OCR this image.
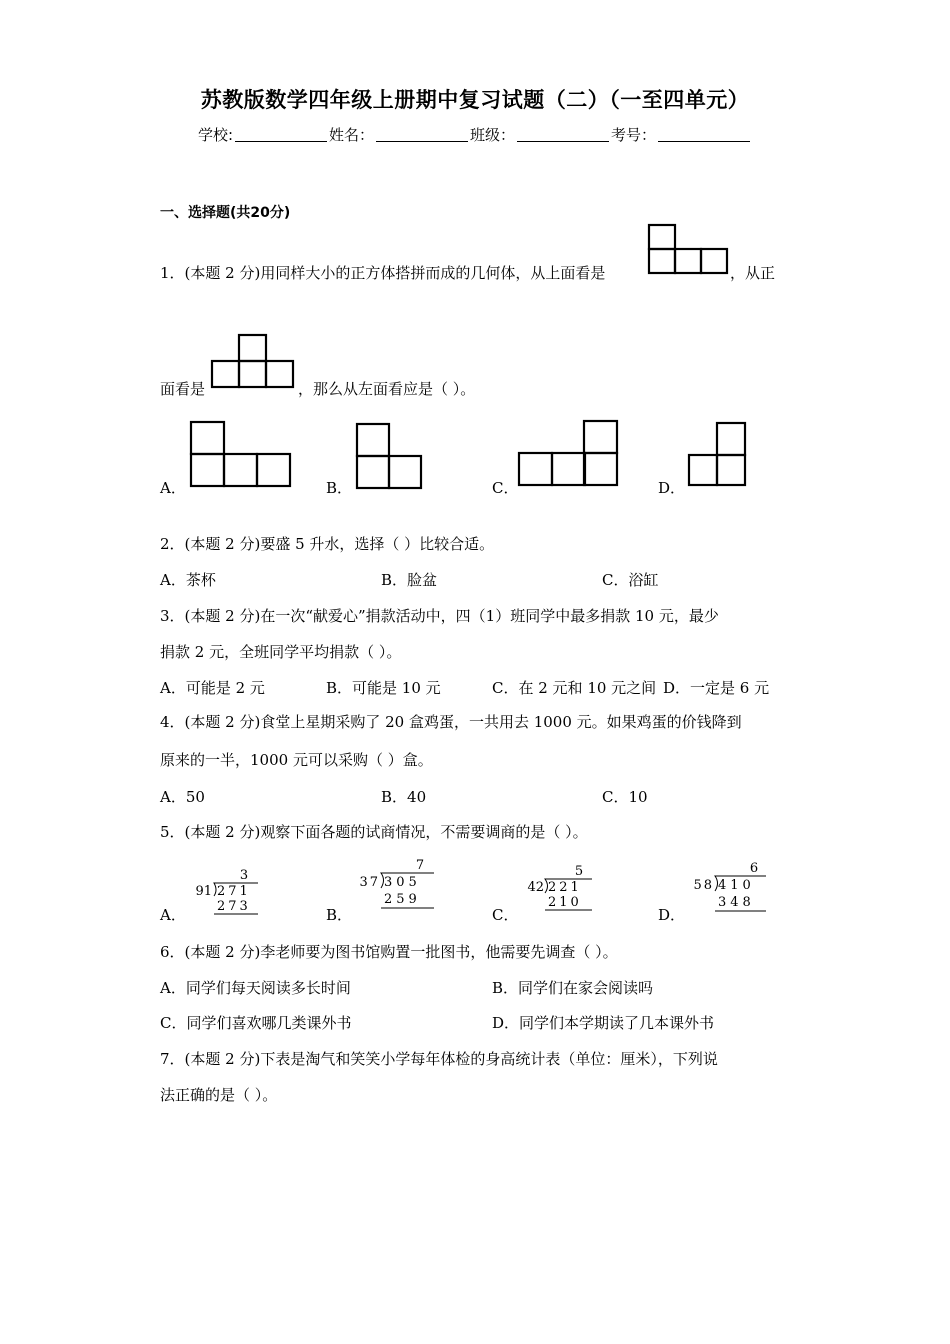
苏教版数学四年级上册期中复习试题（二）（一至四单元）
学校:	姓名：	班级：	考号：
一、选择题(共20分)
1．(本题 2 分)用同样大小的正方体搭拼而成的几何体，从上面看是	，从正
面看是	，那么从左面看应是（ ）。
A．	B．	C．	D．
2．(本题 2 分)要盛 5 升水，选择（ ）比较合适。
A．茶杯	B．脸盆	C．浴缸
3．(本题 2 分)在一次“献爱心”捐款活动中，四（1）班同学中最多捐款 10 元，最少
捐款 2 元，全班同学平均捐款（ ）。
A．可能是 2 元	B．可能是 10 元	C．在 2 元和 10 元之间 D．一定是 6 元
4．(本题 2 分)食堂上星期采购了 20 盒鸡蛋，一共用去 1000 元。如果鸡蛋的价钱降到
原来的一半，1000 元可以采购（ ）盒。
A．50	B．40	C．10
5．(本题 2 分)观察下面各题的试商情况，不需要调商的是（ ）。
A．
3
91 271
273	B．
7
37 305
259
C．
5
42 221
210
D．
6
58 410
348
6．(本题 2 分)李老师要为图书馆购置一批图书，他需要先调查（ ）。
A．同学们每天阅读多长时间	B．同学们在家会阅读吗
C．同学们喜欢哪几类课外书	D．同学们本学期读了几本课外书
7．(本题 2 分)下表是淘气和笑笑小学每年体检的身高统计表（单位：厘米），下列说
法正确的是（ ）。
